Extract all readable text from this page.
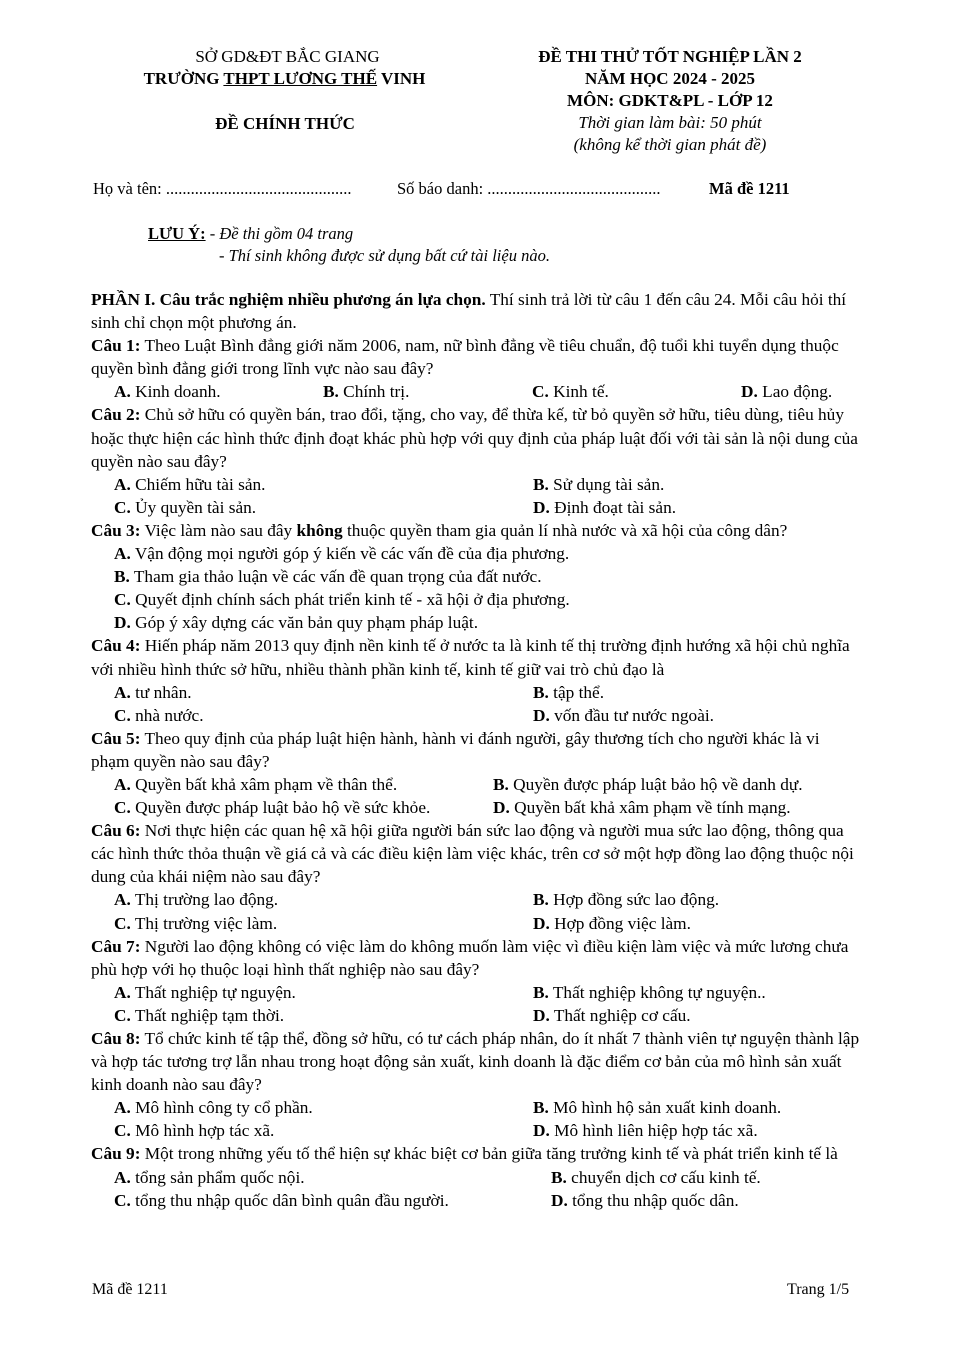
SỞ GD&ĐT BẮC GIANG
TRƯỜNG THPT LƯƠNG THẾ VINH
ĐỀ CHÍNH THỨC
ĐỀ THI THỬ TỐT NGHIỆP LẦN 2
NĂM HỌC 2024 - 2025
MÔN: GDKT&PL - LỚP 12
Thời gian làm bài: 50 phút
(không kể thời gian phát đề)
Họ và tên: .............................................	Số báo danh: ..........................................	Mã đề 1211
LƯU Ý: - Đề thi gồm 04 trang
- Thí sinh không được sử dụng bất cứ tài liệu nào.

PHẦN I. Câu trắc nghiệm nhiều phương án lựa chọn. Thí sinh trả lời từ câu 1 đến câu 24. Mỗi câu hỏi thí sinh chỉ chọn một phương án.

Câu 1: Theo Luật Bình đẳng giới năm 2006, nam, nữ bình đẳng về tiêu chuẩn, độ tuổi khi tuyển dụng thuộc quyền bình đẳng giới trong lĩnh vực nào sau đây?

A. Kinh doanh.	B. Chính trị.	C. Kinh tế.	D. Lao động.

Câu 2: Chủ sở hữu có quyền bán, trao đổi, tặng, cho vay, để thừa kế, từ bỏ quyền sở hữu, tiêu dùng, tiêu hủy hoặc thực hiện các hình thức định đoạt khác phù hợp với quy định của pháp luật đối với tài sản là nội dung của quyền nào sau đây?

A. Chiếm hữu tài sản.	B. Sử dụng tài sản.
C. Ủy quyền tài sản.	D. Định đoạt tài sản.

Câu 3: Việc làm nào sau đây không thuộc quyền tham gia quản lí nhà nước và xã hội của công dân?

A. Vận động mọi người góp ý kiến về các vấn đề của địa phương.
B. Tham gia thảo luận về các vấn đề quan trọng của đất nước.
C. Quyết định chính sách phát triển kinh tế - xã hội ở địa phương.
D. Góp ý xây dựng các văn bản quy phạm pháp luật.

Câu 4: Hiến pháp năm 2013 quy định nền kinh tế ở nước ta là kinh tế thị trường định hướng xã hội chủ nghĩa với nhiều hình thức sở hữu, nhiều thành phần kinh tế, kinh tế giữ vai trò chủ đạo là

A. tư nhân.	B. tập thể.
C. nhà nước.	D. vốn đầu tư nước ngoài.

Câu 5: Theo quy định của pháp luật hiện hành, hành vi đánh người, gây thương tích cho người khác là vi phạm quyền nào sau đây?

A. Quyền bất khả xâm phạm về thân thể.	B. Quyền được pháp luật bảo hộ về danh dự.
C. Quyền được pháp luật bảo hộ về sức khỏe.	D. Quyền bất khả xâm phạm về tính mạng.

Câu 6: Nơi thực hiện các quan hệ xã hội giữa người bán sức lao động và người mua sức lao động, thông qua các hình thức thỏa thuận về giá cả và các điều kiện làm việc khác, trên cơ sở một hợp đồng lao động thuộc nội dung của khái niệm nào sau đây?

A. Thị trường lao động.	B. Hợp đồng sức lao động.
C. Thị trường việc làm.	D. Hợp đồng việc làm.

Câu 7: Người lao động không có việc làm do không muốn làm việc vì điều kiện làm việc và mức lương chưa phù hợp với họ thuộc loại hình thất nghiệp nào sau đây?

A. Thất nghiệp tự nguyện.	B. Thất nghiệp không tự nguyện..
C. Thất nghiệp tạm thời.	D. Thất nghiệp cơ cấu.

Câu 8: Tổ chức kinh tế tập thể, đồng sở hữu, có tư cách pháp nhân, do ít nhất 7 thành viên tự nguyện thành lập và hợp tác tương trợ lẫn nhau trong hoạt động sản xuất, kinh doanh là đặc điểm cơ bản của mô hình sản xuất kinh doanh nào sau đây?

A. Mô hình công ty cổ phần.	B. Mô hình hộ sản xuất kinh doanh.
C. Mô hình hợp tác xã.	D. Mô hình liên hiệp hợp tác xã.

Câu 9: Một trong những yếu tố thể hiện sự khác biệt cơ bản giữa tăng trưởng kinh tế và phát triển kinh tế là

A. tổng sản phẩm quốc nội.	B. chuyển dịch cơ cấu kinh tế.
C. tổng thu nhập quốc dân bình quân đầu người.	D. tổng thu nhập quốc dân.
Mã đề 1211	Trang 1/5
